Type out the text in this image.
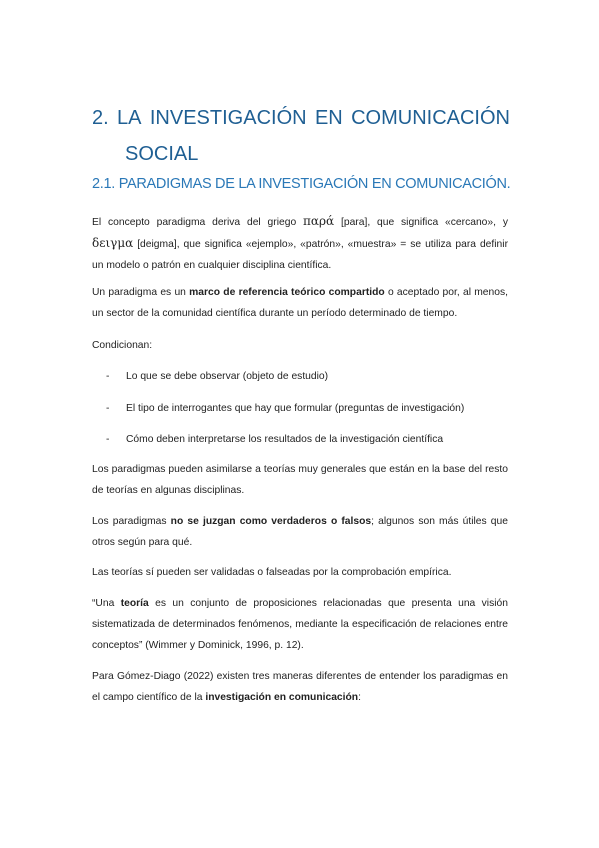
2. LA INVESTIGACIÓN EN COMUNICACIÓN
SOCIAL
2.1. PARADIGMAS DE LA INVESTIGACIÓN EN COMUNICACIÓN.
El concepto paradigma deriva del griego παρά [para], que significa «cercano», y δειγμα [deigma], que significa «ejemplo», «patrón», «muestra» = se utiliza para definir un modelo o patrón en cualquier disciplina científica.
Un paradigma es un marco de referencia teórico compartido o aceptado por, al menos, un sector de la comunidad científica durante un período determinado de tiempo.
Condicionan:
- Lo que se debe observar (objeto de estudio)
- El tipo de interrogantes que hay que formular (preguntas de investigación)
- Cómo deben interpretarse los resultados de la investigación científica
Los paradigmas pueden asimilarse a teorías muy generales que están en la base del resto de teorías en algunas disciplinas.
Los paradigmas no se juzgan como verdaderos o falsos; algunos son más útiles que otros según para qué.
Las teorías sí pueden ser validadas o falseadas por la comprobación empírica.
“Una teoría es un conjunto de proposiciones relacionadas que presenta una visión sistematizada de determinados fenómenos, mediante la especificación de relaciones entre conceptos” (Wimmer y Dominick, 1996, p. 12).
Para Gómez-Diago (2022) existen tres maneras diferentes de entender los paradigmas en el campo científico de la investigación en comunicación:
